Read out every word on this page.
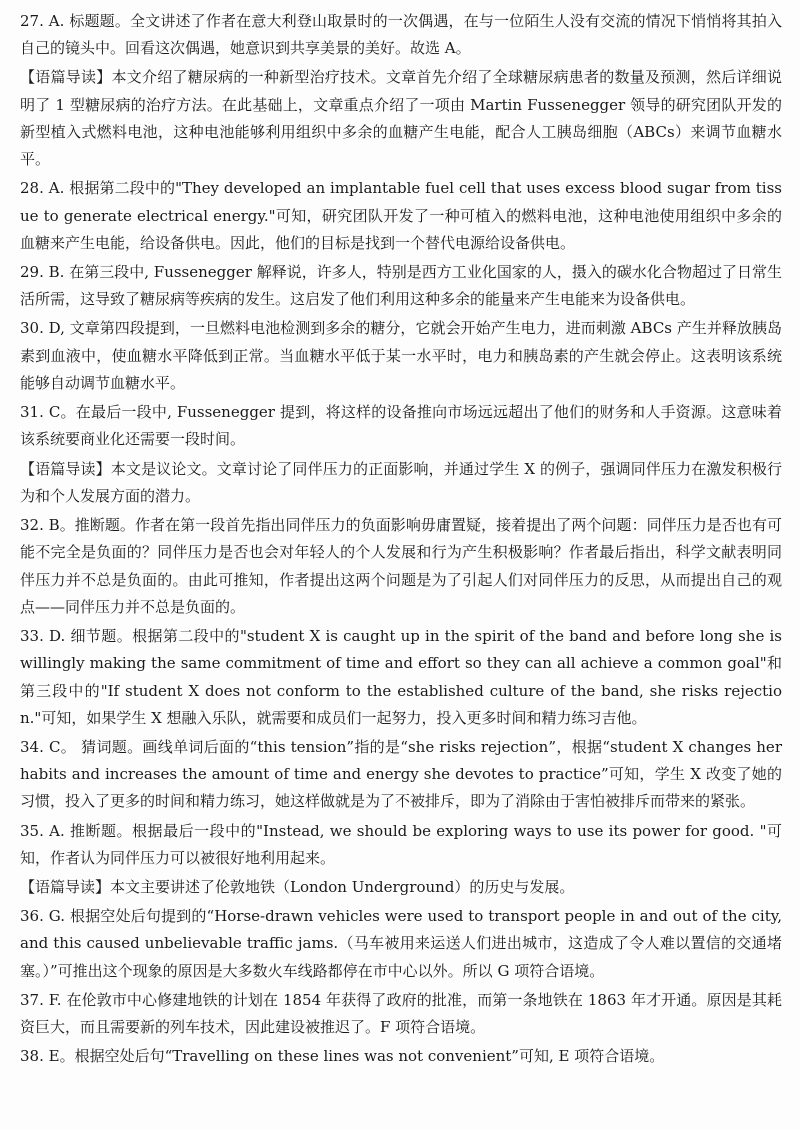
27. A. 标题题。全文讲述了作者在意大利登山取景时的一次偶遇，在与一位陌生人没有交流的情况下悄悄将其拍入自己的镜头中。回看这次偶遇，她意识到共享美景的美好。故选 A。

【语篇导读】本文介绍了糖尿病的一种新型治疗技术。文章首先介绍了全球糖尿病患者的数量及预测，然后详细说明了 1 型糖尿病的治疗方法。在此基础上，文章重点介绍了一项由 Martin Fussenegger 领导的研究团队开发的新型植入式燃料电池，这种电池能够利用组织中多余的血糖产生电能，配合人工胰岛细胞（ABCs）来调节血糖水平。

28. A. 根据第二段中的"They developed an implantable fuel cell that uses excess blood sugar from tissue to generate electrical energy."可知，研究团队开发了一种可植入的燃料电池，这种电池使用组织中多余的血糖来产生电能，给设备供电。因此，他们的目标是找到一个替代电源给设备供电。

29. B. 在第三段中, Fussenegger 解释说，许多人，特别是西方工业化国家的人，摄入的碳水化合物超过了日常生活所需，这导致了糖尿病等疾病的发生。这启发了他们利用这种多余的能量来产生电能来为设备供电。

30. D, 文章第四段提到，一旦燃料电池检测到多余的糖分，它就会开始产生电力，进而刺激 ABCs 产生并释放胰岛素到血液中，使血糖水平降低到正常。当血糖水平低于某一水平时，电力和胰岛素的产生就会停止。这表明该系统能够自动调节血糖水平。

31. C。在最后一段中, Fussenegger 提到，将这样的设备推向市场远远超出了他们的财务和人手资源。这意味着该系统要商业化还需要一段时间。

【语篇导读】本文是议论文。文章讨论了同伴压力的正面影响，并通过学生 X 的例子，强调同伴压力在激发积极行为和个人发展方面的潜力。

32. B。推断题。作者在第一段首先指出同伴压力的负面影响毋庸置疑，接着提出了两个问题：同伴压力是否也有可能不完全是负面的？同伴压力是否也会对年轻人的个人发展和行为产生积极影响？作者最后指出，科学文献表明同伴压力并不总是负面的。由此可推知，作者提出这两个问题是为了引起人们对同伴压力的反思，从而提出自己的观点——同伴压力并不总是负面的。

33. D. 细节题。根据第二段中的"student X is caught up in the spirit of the band and before long she is willingly making the same commitment of time and effort so they can all achieve a common goal"和第三段中的"If student X does not conform to the established culture of the band, she risks rejection."可知，如果学生 X 想融入乐队，就需要和成员们一起努力，投入更多时间和精力练习吉他。

34. C。 猜词题。画线单词后面的“this tension”指的是“she risks rejection”，根据“student X changes her habits and increases the amount of time and energy she devotes to practice”可知，学生 X 改变了她的习惯，投入了更多的时间和精力练习，她这样做就是为了不被排斥，即为了消除由于害怕被排斥而带来的紧张。

35. A. 推断题。根据最后一段中的"Instead, we should be exploring ways to use its power for good. "可知，作者认为同伴压力可以被很好地利用起来。

【语篇导读】本文主要讲述了伦敦地铁（London Underground）的历史与发展。

36. G. 根据空处后句提到的“Horse-drawn vehicles were used to transport people in and out of the city, and this caused unbelievable traffic jams.（马车被用来运送人们进出城市，这造成了令人难以置信的交通堵塞。）”可推出这个现象的原因是大多数火车线路都停在市中心以外。所以 G 项符合语境。

37. F. 在伦敦市中心修建地铁的计划在 1854 年获得了政府的批准，而第一条地铁在 1863 年才开通。原因是其耗资巨大，而且需要新的列车技术，因此建设被推迟了。F 项符合语境。

38. E。根据空处后句“Travelling on these lines was not convenient”可知, E 项符合语境。
